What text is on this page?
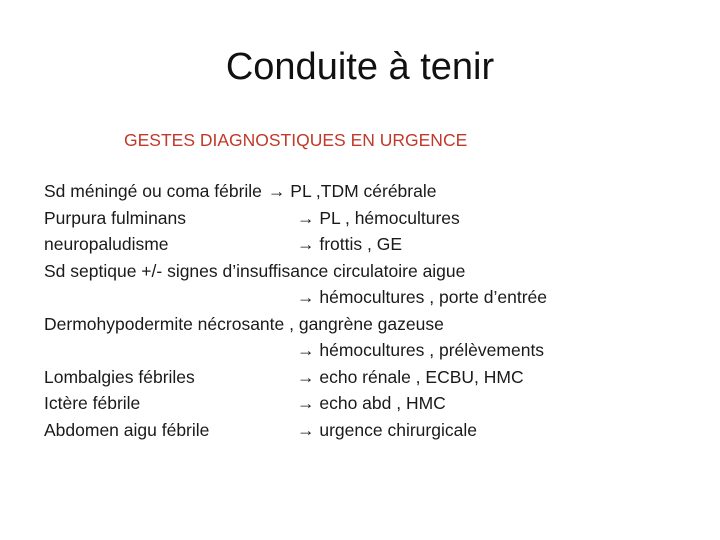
Conduite à tenir
GESTES DIAGNOSTIQUES EN URGENCE
Sd méningé ou coma fébrile → PL ,TDM cérébrale
Purpura fulminans	→ PL , hémocultures
neuropaludisme	→ frottis , GE
Sd septique +/- signes d’insuffisance circulatoire aigue
→ hémocultures , porte d’entrée
Dermohypodermite nécrosante , gangrène gazeuse
→ hémocultures , prélèvements
Lombalgies fébriles	→ echo rénale , ECBU, HMC
Ictère fébrile	→ echo abd , HMC
Abdomen aigu fébrile	→ urgence chirurgicale
